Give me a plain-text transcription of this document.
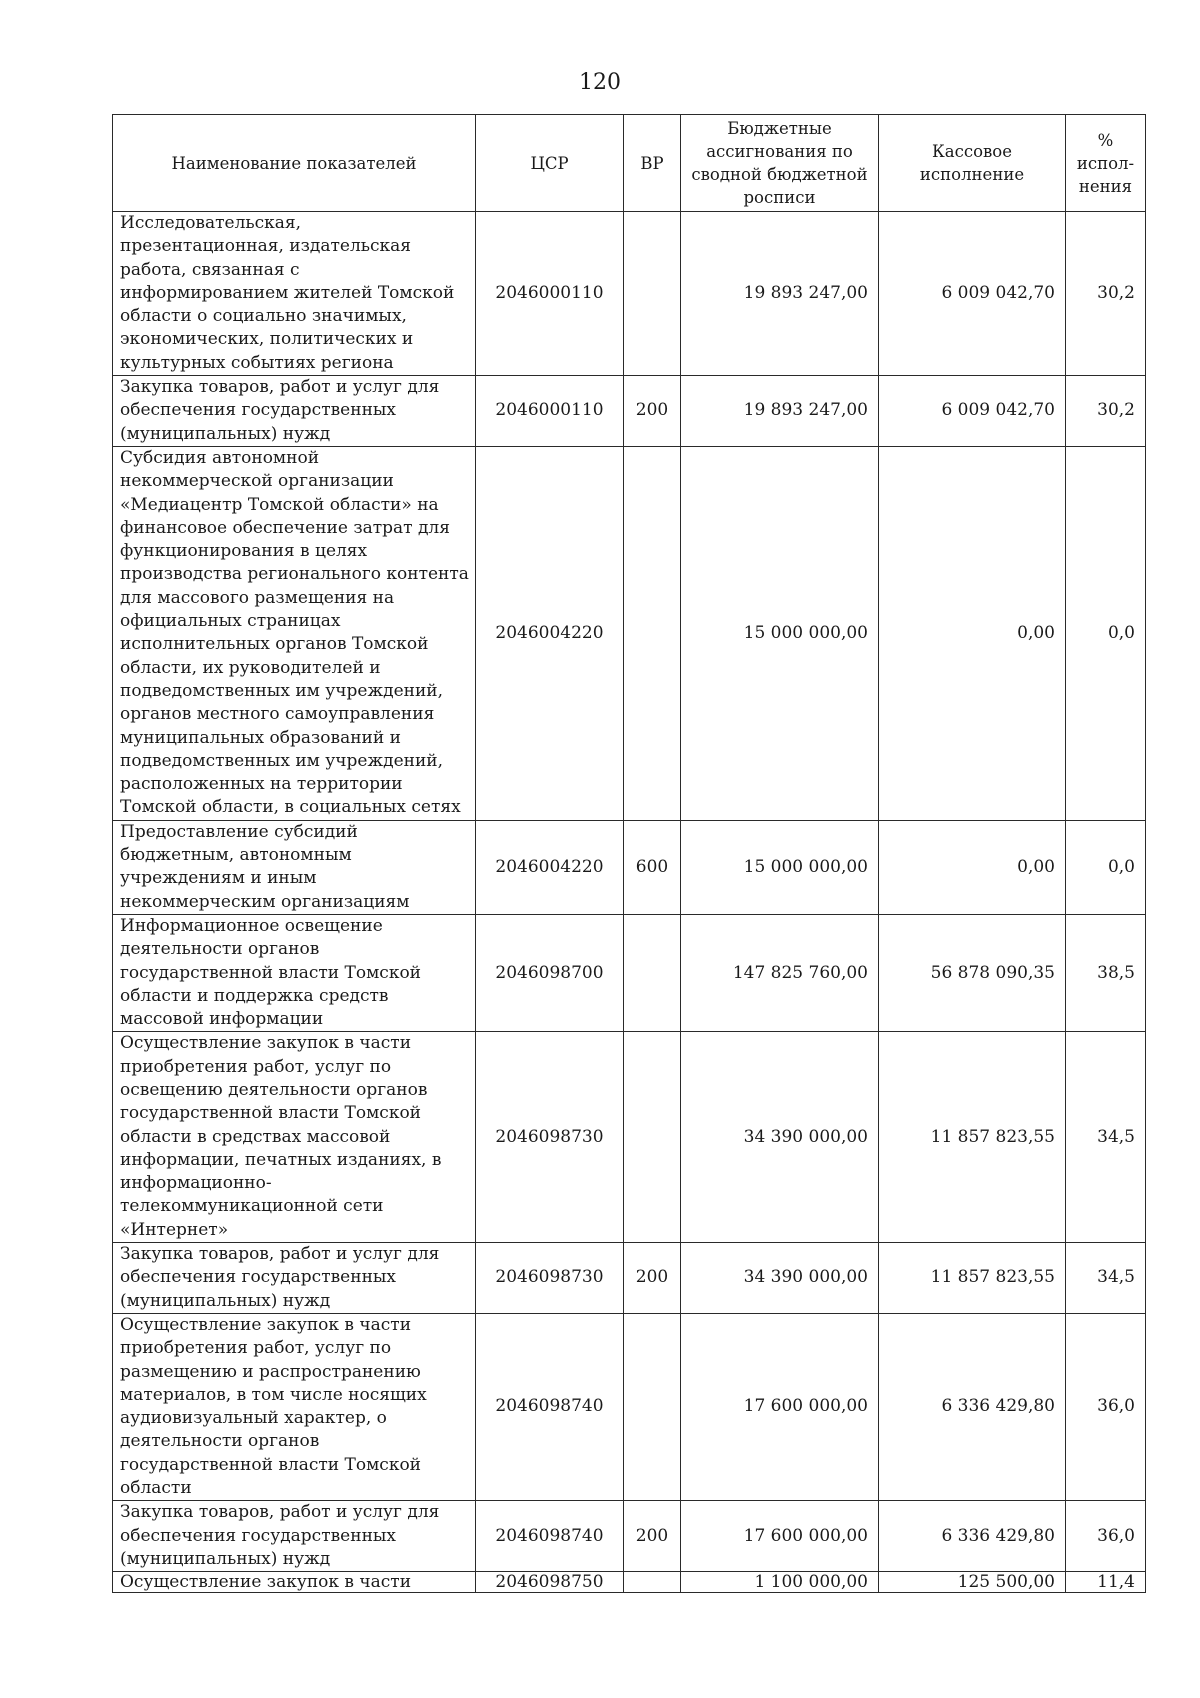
120
Наименование показателей	ЦСР	ВР	Бюджетные ассигнования по сводной бюджетной росписи	Кассовое исполнение	% испол-нения
Исследовательская, презентационная, издательская работа, связанная с информированием жителей Томской области о социально значимых, экономических, политических и культурных событиях региона	2046000110		19 893 247,00	6 009 042,70	30,2
Закупка товаров, работ и услуг для обеспечения государственных (муниципальных) нужд	2046000110	200	19 893 247,00	6 009 042,70	30,2
Субсидия автономной некоммерческой организации «Медиацентр Томской области» на финансовое обеспечение затрат для функционирования в целях производства регионального контента для массового размещения на официальных страницах исполнительных органов Томской области, их руководителей и подведомственных им учреждений, органов местного самоуправления муниципальных образований и подведомственных им учреждений, расположенных на территории Томской области, в социальных сетях	2046004220		15 000 000,00	0,00	0,0
Предоставление субсидий бюджетным, автономным учреждениям и иным некоммерческим организациям	2046004220	600	15 000 000,00	0,00	0,0
Информационное освещение деятельности органов государственной власти Томской области и поддержка средств массовой информации	2046098700		147 825 760,00	56 878 090,35	38,5
Осуществление закупок в части приобретения работ, услуг по освещению деятельности органов государственной власти Томской области в средствах массовой информации, печатных изданиях, в информационно-телекоммуникационной сети «Интернет»	2046098730		34 390 000,00	11 857 823,55	34,5
Закупка товаров, работ и услуг для обеспечения государственных (муниципальных) нужд	2046098730	200	34 390 000,00	11 857 823,55	34,5
Осуществление закупок в части приобретения работ, услуг по размещению и распространению материалов, в том числе носящих аудиовизуальный характер, о деятельности органов государственной власти Томской области	2046098740		17 600 000,00	6 336 429,80	36,0
Закупка товаров, работ и услуг для обеспечения государственных (муниципальных) нужд	2046098740	200	17 600 000,00	6 336 429,80	36,0
Осуществление закупок в части	2046098750		1 100 000,00	125 500,00	11,4
